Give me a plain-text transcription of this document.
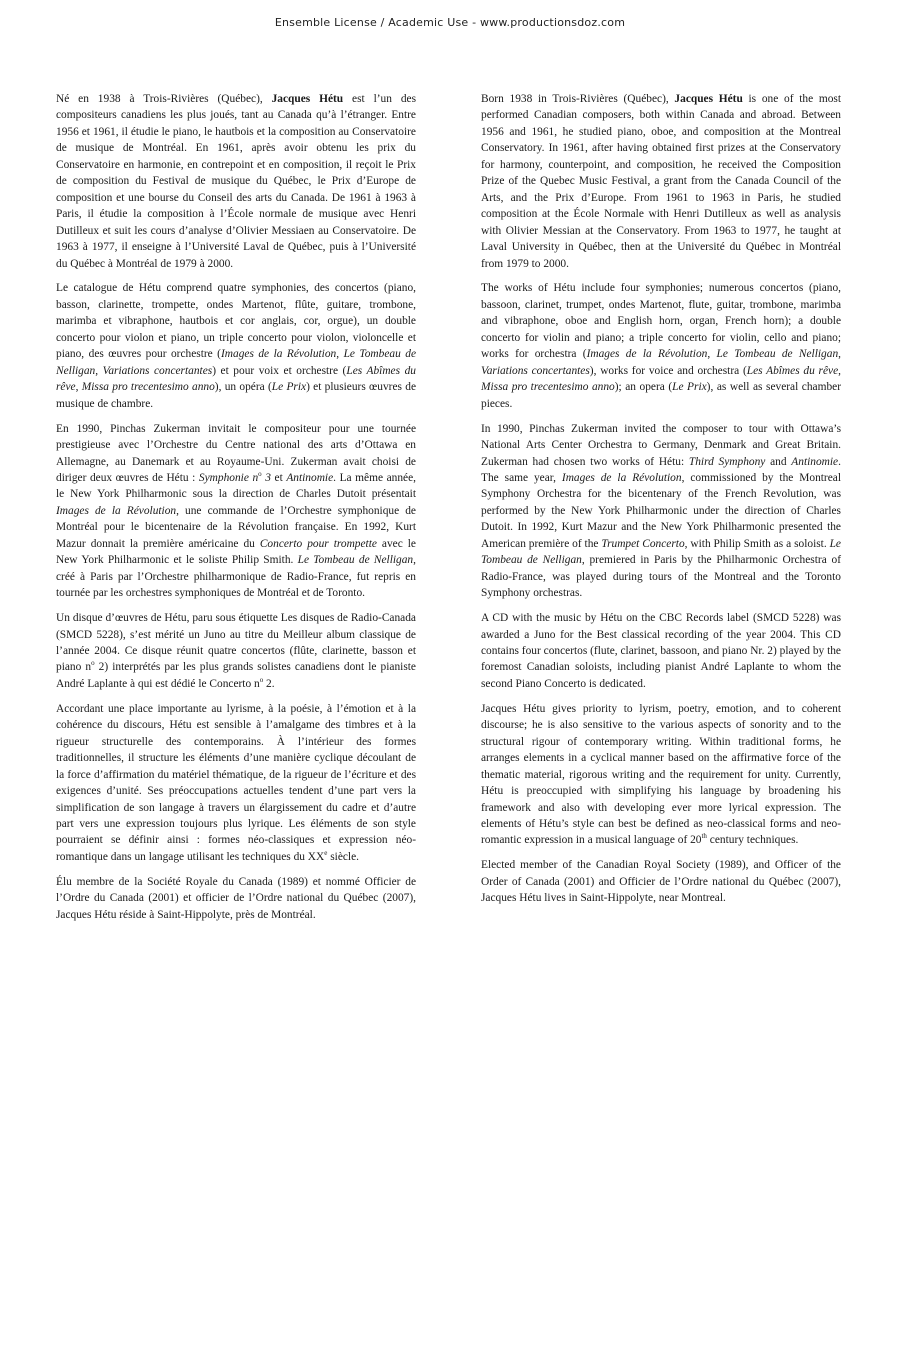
Ensemble License / Academic Use - www.productionsdoz.com

Né en 1938 à Trois-Rivières (Québec), Jacques Hétu est l’un des compositeurs canadiens les plus joués, tant au Canada qu’à l’étranger. Entre 1956 et 1961, il étudie le piano, le hautbois et la composition au Conservatoire de musique de Montréal. En 1961, après avoir obtenu les prix du Conservatoire en harmonie, en contrepoint et en composition, il reçoit le Prix de composition du Festival de musique du Québec, le Prix d’Europe de composition et une bourse du Conseil des arts du Canada. De 1961 à 1963 à Paris, il étudie la composition à l’École normale de musique avec Henri Dutilleux et suit les cours d’analyse d’Olivier Messiaen au Conservatoire. De 1963 à 1977, il enseigne à l’Université Laval de Québec, puis à l’Université du Québec à Montréal de 1979 à 2000.

Le catalogue de Hétu comprend quatre symphonies, des concertos (piano, basson, clarinette, trompette, ondes Martenot, flûte, guitare, trombone, marimba et vibraphone, hautbois et cor anglais, cor, orgue), un double concerto pour violon et piano, un triple concerto pour violon, violoncelle et piano, des œuvres pour orchestre (Images de la Révolution, Le Tombeau de Nelligan, Variations concertantes) et pour voix et orchestre (Les Abîmes du rêve, Missa pro trecentesimo anno), un opéra (Le Prix) et plusieurs œuvres de musique de chambre.

En 1990, Pinchas Zukerman invitait le compositeur pour une tournée prestigieuse avec l’Orchestre du Centre national des arts d’Ottawa en Allemagne, au Danemark et au Royaume-Uni. Zukerman avait choisi de diriger deux œuvres de Hétu : Symphonie $n^o$ 3 et Antinomie. La même année, le New York Philharmonic sous la direction de Charles Dutoit présentait Images de la Révolution, une commande de l’Orchestre symphonique de Montréal pour le bicentenaire de la Révolution française. En 1992, Kurt Mazur donnait la première américaine du Concerto pour trompette avec le New York Philharmonic et le soliste Philip Smith. Le Tombeau de Nelligan, créé à Paris par l’Orchestre philharmonique de Radio-France, fut repris en tournée par les orchestres symphoniques de Montréal et de Toronto.

Un disque d’œuvres de Hétu, paru sous étiquette Les disques de Radio-Canada (SMCD 5228), s’est mérité un Juno au titre du Meilleur album classique de l’année 2004. Ce disque réunit quatre concertos (flûte, clarinette, basson et piano $n^o$ 2) interprétés par les plus grands solistes canadiens dont le pianiste André Laplante à qui est dédié le Concerto $n^o$ 2.

Accordant une place importante au lyrisme, à la poésie, à l’émotion et à la cohérence du discours, Hétu est sensible à l’amalgame des timbres et à la rigueur structurelle des contemporains. À l’intérieur des formes traditionnelles, il structure les éléments d’une manière cyclique découlant de la force d’affirmation du matériel thématique, de la rigueur de l’écriture et des exigences d’unité. Ses préoccupations actuelles tendent d’une part vers la simplification de son langage à travers un élargissement du cadre et d’autre part vers une expression toujours plus lyrique. Les éléments de son style pourraient se définir ainsi : formes néo-classiques et expression néo-romantique dans un langage utilisant les techniques du XXe siècle.

Élu membre de la Société Royale du Canada (1989) et nommé Officier de l’Ordre du Canada (2001) et officier de l’Ordre national du Québec (2007), Jacques Hétu réside à Saint-Hippolyte, près de Montréal.

Born 1938 in Trois-Rivières (Québec), Jacques Hétu is one of the most performed Canadian composers, both within Canada and abroad. Between 1956 and 1961, he studied piano, oboe, and composition at the Montreal Conservatory. In 1961, after having obtained first prizes at the Conservatory for harmony, counterpoint, and composition, he received the Composition Prize of the Quebec Music Festival, a grant from the Canada Council of the Arts, and the Prix d’Europe. From 1961 to 1963 in Paris, he studied composition at the École Normale with Henri Dutilleux as well as analysis with Olivier Messian at the Conservatory. From 1963 to 1977, he taught at Laval University in Québec, then at the Université du Québec in Montréal from 1979 to 2000.

The works of Hétu include four symphonies; numerous concertos (piano, bassoon, clarinet, trumpet, ondes Martenot, flute, guitar, trombone, marimba and vibraphone, oboe and English horn, organ, French horn); a double concerto for violin and piano; a triple concerto for violin, cello and piano; works for orchestra (Images de la Révolution, Le Tombeau de Nelligan, Variations concertantes), works for voice and orchestra (Les Abîmes du rêve, Missa pro trecentesimo anno); an opera (Le Prix), as well as several chamber pieces.

In 1990, Pinchas Zukerman invited the composer to tour with Ottawa’s National Arts Center Orchestra to Germany, Denmark and Great Britain. Zukerman had chosen two works of Hétu: Third Symphony and Antinomie. The same year, Images de la Révolution, commissioned by the Montreal Symphony Orchestra for the bicentenary of the French Revolution, was performed by the New York Philharmonic under the direction of Charles Dutoit. In 1992, Kurt Mazur and the New York Philharmonic presented the American première of the Trumpet Concerto, with Philip Smith as a soloist. Le Tombeau de Nelligan, premiered in Paris by the Philharmonic Orchestra of Radio-France, was played during tours of the Montreal and the Toronto Symphony orchestras.

A CD with the music by Hétu on the CBC Records label (SMCD 5228) was awarded a Juno for the Best classical recording of the year 2004. This CD contains four concertos (flute, clarinet, bassoon, and piano Nr. 2) played by the foremost Canadian soloists, including pianist André Laplante to whom the second Piano Concerto is dedicated.

Jacques Hétu gives priority to lyrism, poetry, emotion, and to coherent discourse; he is also sensitive to the various aspects of sonority and to the structural rigour of contemporary writing. Within traditional forms, he arranges elements in a cyclical manner based on the affirmative force of the thematic material, rigorous writing and the requirement for unity. Currently, Hétu is preoccupied with simplifying his language by broadening his framework and also with developing ever more lyrical expression. The elements of Hétu’s style can best be defined as neo-classical forms and neo-romantic expression in a musical language of 20th century techniques.

Elected member of the Canadian Royal Society (1989), and Officer of the Order of Canada (2001) and Officier de l’Ordre national du Québec (2007), Jacques Hétu lives in Saint-Hippolyte, near Montreal.
